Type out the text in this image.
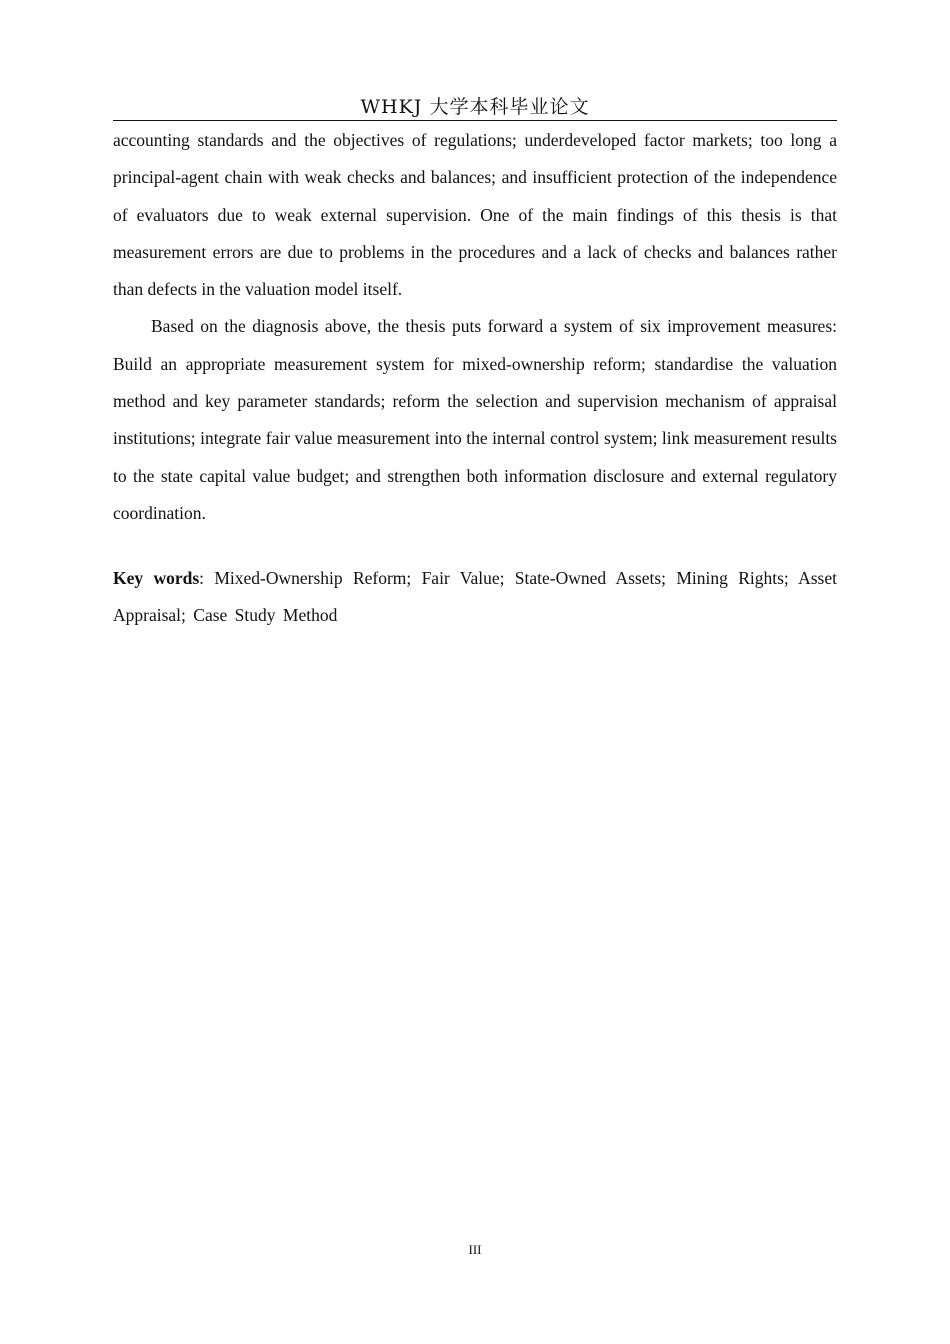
WHKJ 大学本科毕业论文

accounting standards and the objectives of regulations; underdeveloped factor markets; too long a principal-agent chain with weak checks and balances; and insufficient protection of the independence of evaluators due to weak external supervision. One of the main findings of this thesis is that measurement errors are due to problems in the procedures and a lack of checks and balances rather than defects in the valuation model itself.

Based on the diagnosis above, the thesis puts forward a system of six improvement measures: Build an appropriate measurement system for mixed-ownership reform; standardise the valuation method and key parameter standards; reform the selection and supervision mechanism of appraisal institutions; integrate fair value measurement into the internal control system; link measurement results to the state capital value budget; and strengthen both information disclosure and external regulatory coordination.

Key words: Mixed-Ownership Reform; Fair Value; State-Owned Assets; Mining Rights; Asset Appraisal; Case Study Method
III
